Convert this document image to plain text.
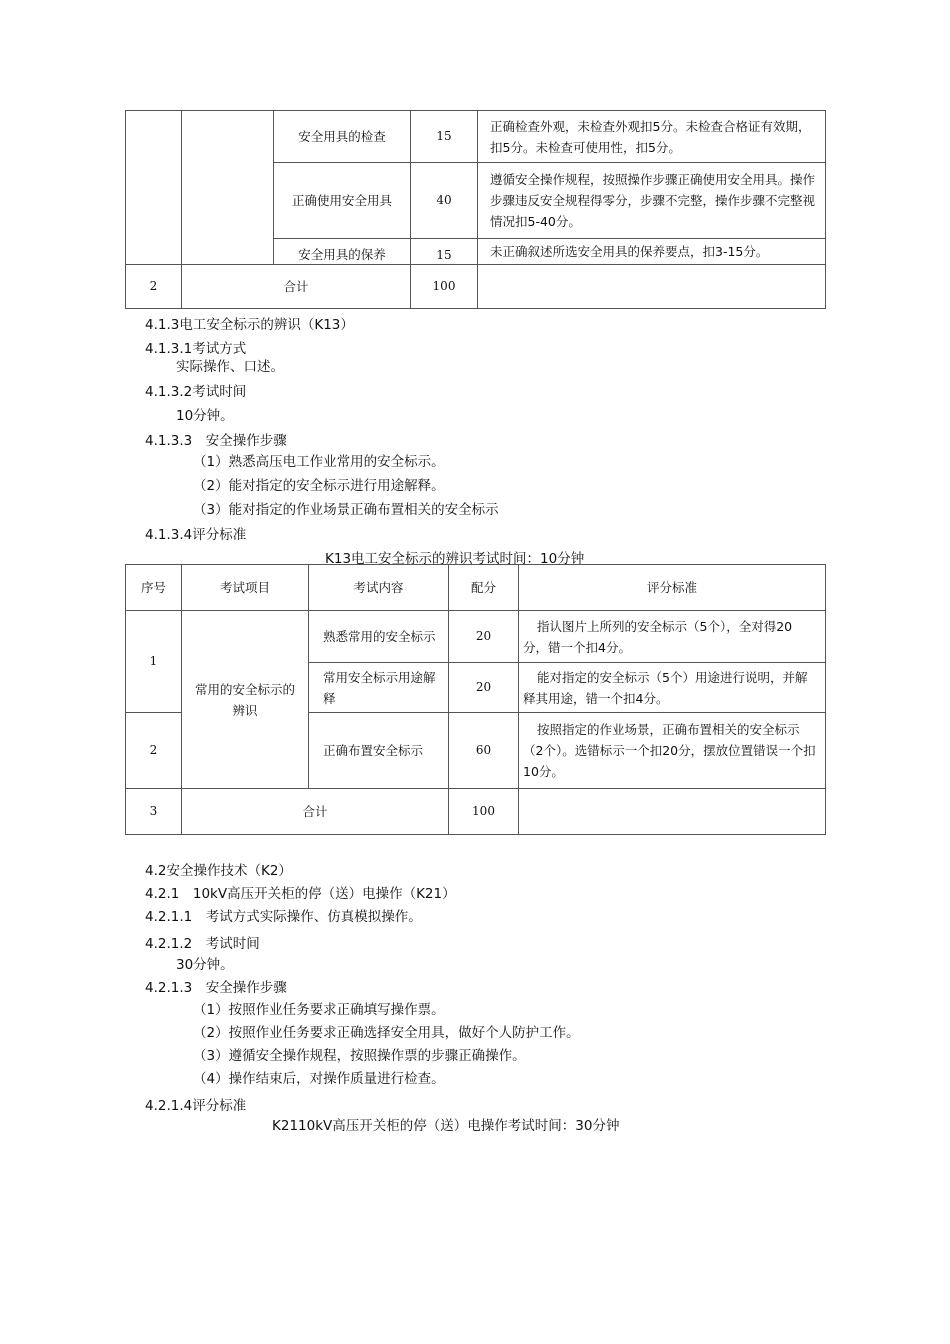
		安全用具的检查	15	正确检查外观，未检查外观扣5分。未检查合格证有效期，扣5分。未检查可使用性，扣5分。
		正确使用安全用具	40	遵循安全操作规程，按照操作步骤正确使用安全用具。操作步骤违反安全规程得零分，步骤不完整，操作步骤不完整视情况扣5-40分。
		安全用具的保养	15	未正确叙述所选安全用具的保养要点，扣3-15分。
2	合计		100	
4.1.3电工安全标示的辨识（K13）
4.1.3.1考试方式
实际操作、口述。
4.1.3.2考试时间
10分钟。
4.1.3.3　安全操作步骤
（1）熟悉高压电工作业常用的安全标示。
（2）能对指定的安全标示进行用途解释。
（3）能对指定的作业场景正确布置相关的安全标示
4.1.3.4评分标准
K13电工安全标示的辨识考试时间：10分钟
序号	考试项目	考试内容	配分	评分标准
1	常用的安全标示的辨识	熟悉常用的安全标示	20	指认图片上所列的安全标示（5个），全对得20分，错一个扣4分。
		常用安全标示用途解释	20	能对指定的安全标示（5个）用途进行说明，并解释其用途，错一个扣4分。
2		正确布置安全标示	60	按照指定的作业场景，正确布置相关的安全标示（2个）。选错标示一个扣20分，摆放位置错误一个扣10分。
3	合计		100	
4.2安全操作技术（K2）
4.2.1　10kV高压开关柜的停（送）电操作（K21）
4.2.1.1　考试方式实际操作、仿真模拟操作。
4.2.1.2　考试时间
30分钟。
4.2.1.3　安全操作步骤
（1）按照作业任务要求正确填写操作票。
（2）按照作业任务要求正确选择安全用具，做好个人防护工作。
（3）遵循安全操作规程，按照操作票的步骤正确操作。
（4）操作结束后，对操作质量进行检查。
4.2.1.4评分标准
K2110kV高压开关柜的停（送）电操作考试时间：30分钟
